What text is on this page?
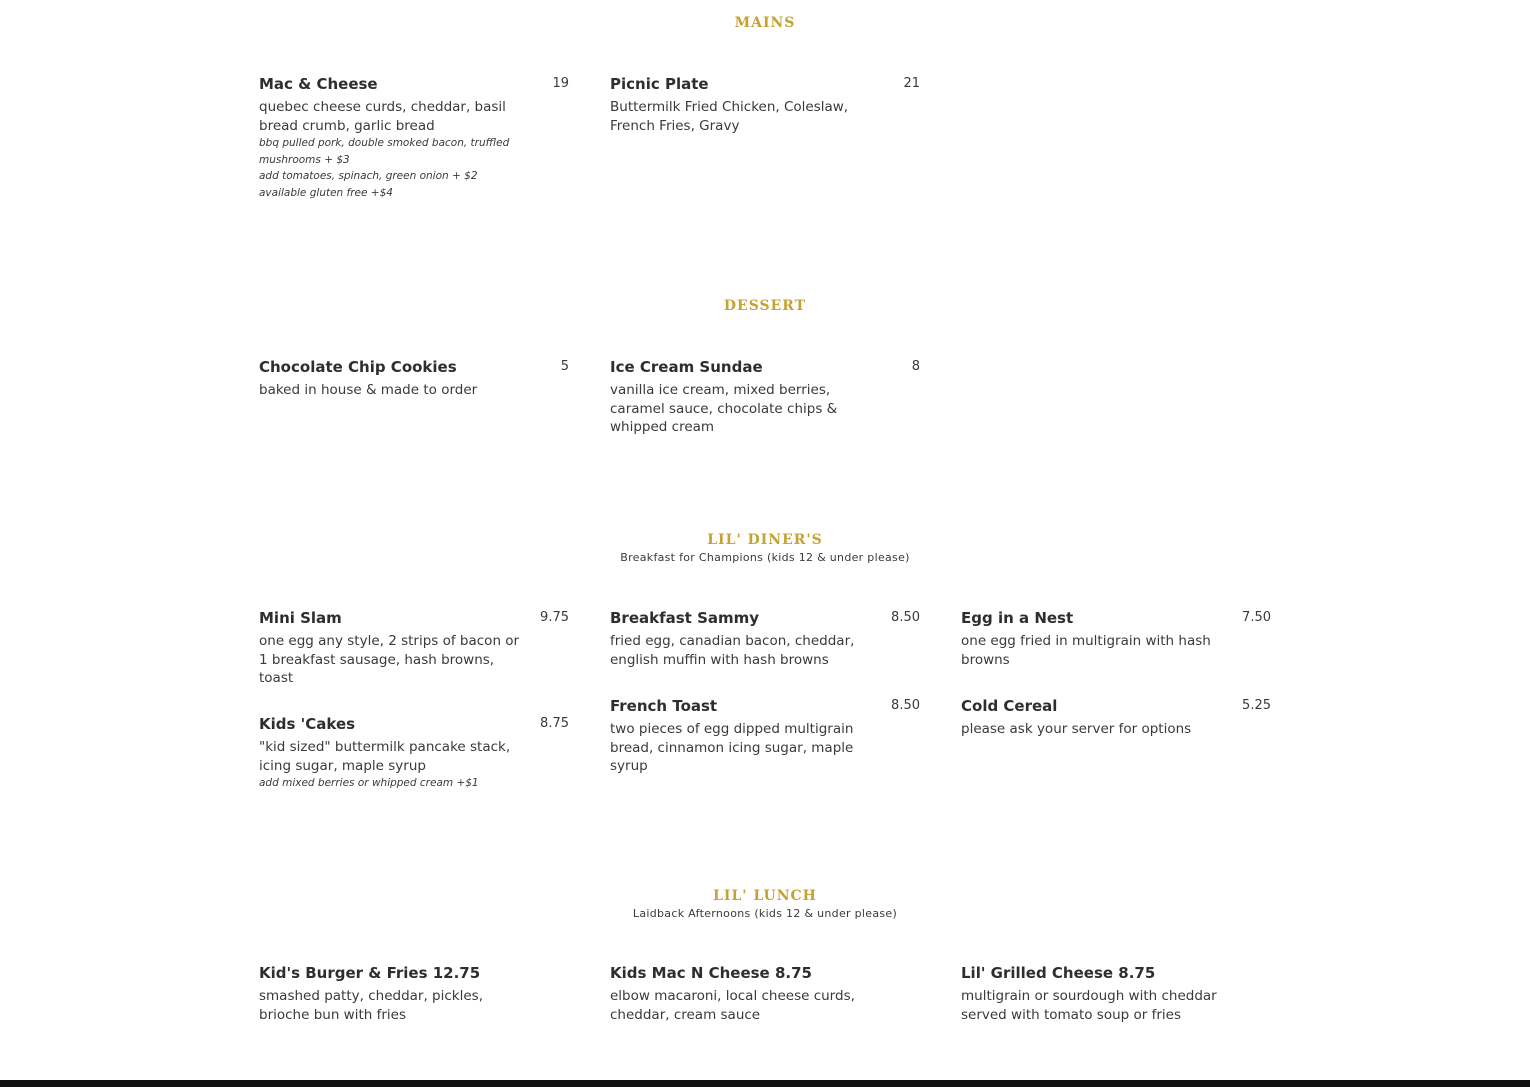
MAINS
Mac & Cheese	19
quebec cheese curds, cheddar, basil bread crumb, garlic bread
bbq pulled pork, double smoked bacon, truffled mushrooms + $3
add tomatoes, spinach, green onion + $2
available gluten free +$4
Picnic Plate	21
Buttermilk Fried Chicken, Coleslaw, French Fries, Gravy
DESSERT
Chocolate Chip Cookies	5
baked in house & made to order
Ice Cream Sundae	8
vanilla ice cream, mixed berries, caramel sauce, chocolate chips & whipped cream
LIL' DINER'S
Breakfast for Champions (kids 12 & under please)
Mini Slam	9.75
one egg any style, 2 strips of bacon or 1 breakfast sausage, hash browns, toast
Breakfast Sammy	8.50
fried egg, canadian bacon, cheddar, english muffin with hash browns
Egg in a Nest	7.50
one egg fried in multigrain with hash browns
Kids 'Cakes	8.75
"kid sized" buttermilk pancake stack, icing sugar, maple syrup
add mixed berries or whipped cream +$1
French Toast	8.50
two pieces of egg dipped multigrain bread, cinnamon icing sugar, maple syrup
Cold Cereal	5.25
please ask your server for options
LIL' LUNCH
Laidback Afternoons (kids 12 & under please)
Kid's Burger & Fries 12.75
smashed patty, cheddar, pickles, brioche bun with fries
Kids Mac N Cheese 8.75
elbow macaroni, local cheese curds, cheddar, cream sauce
Lil' Grilled Cheese 8.75
multigrain or sourdough with cheddar served with tomato soup or fries
